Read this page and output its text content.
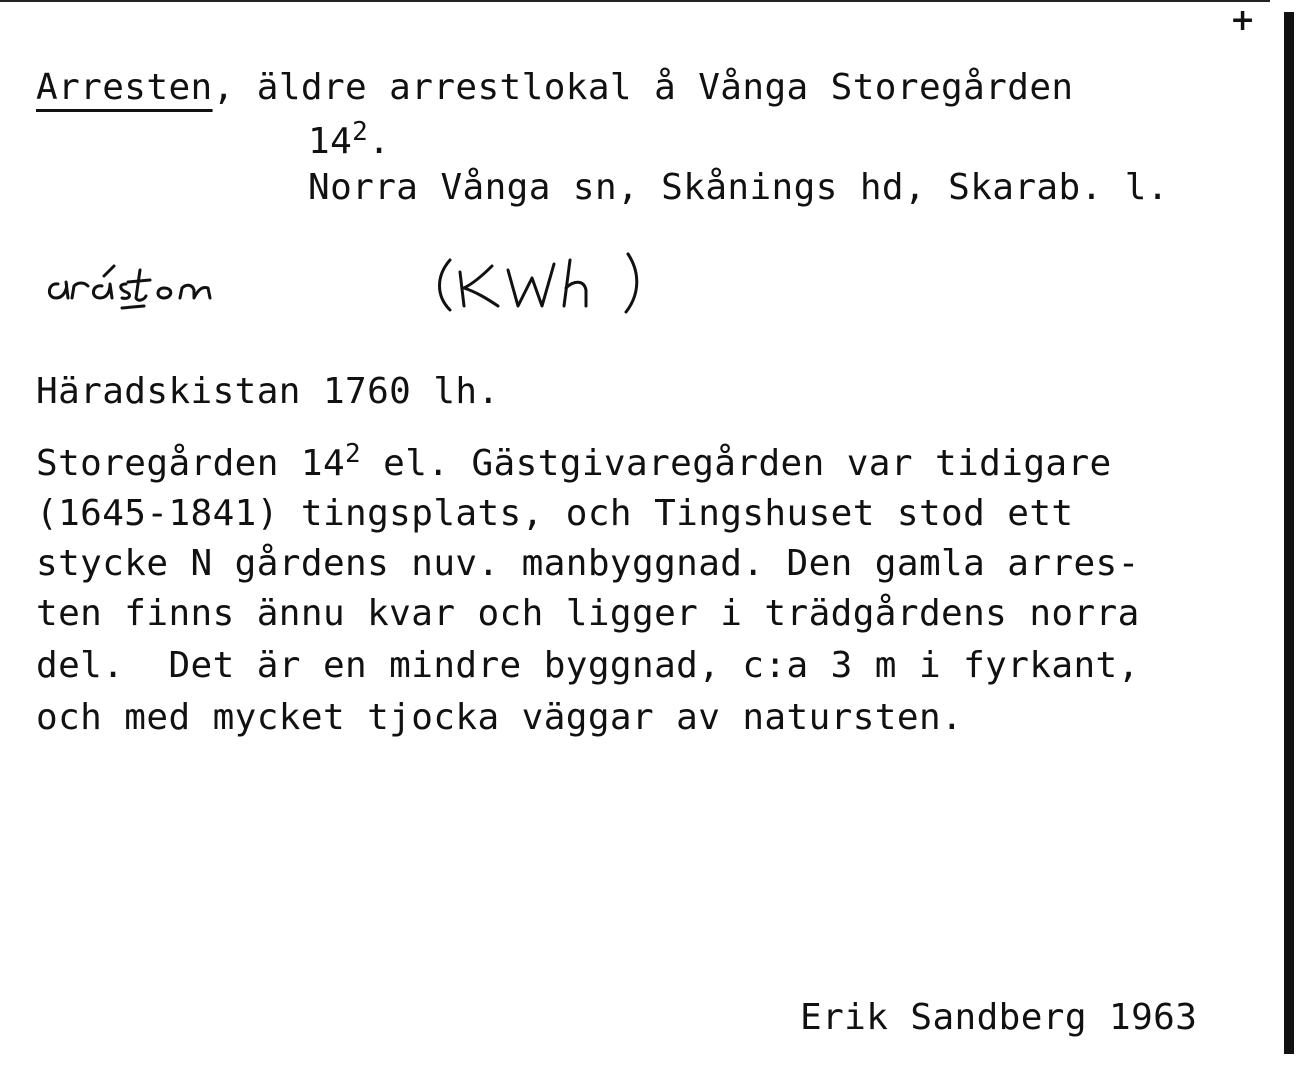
+
Arresten, äldre arrestlokal å Vånga Storegården
$14^2$.
Norra Vånga sn, Skånings hd, Skarab. l.
Häradskistan 1760 lh.
Storegården $14^2$ el. Gästgivaregården var tidigare
(1645-1841) tingsplats, och Tingshuset stod ett
stycke N gårdens nuv. manbyggnad. Den gamla arres-
ten finns ännu kvar och ligger i trädgårdens norra
del.  Det är en mindre byggnad, c:a 3 m i fyrkant,
och med mycket tjocka väggar av natursten.
Erik Sandberg 1963
